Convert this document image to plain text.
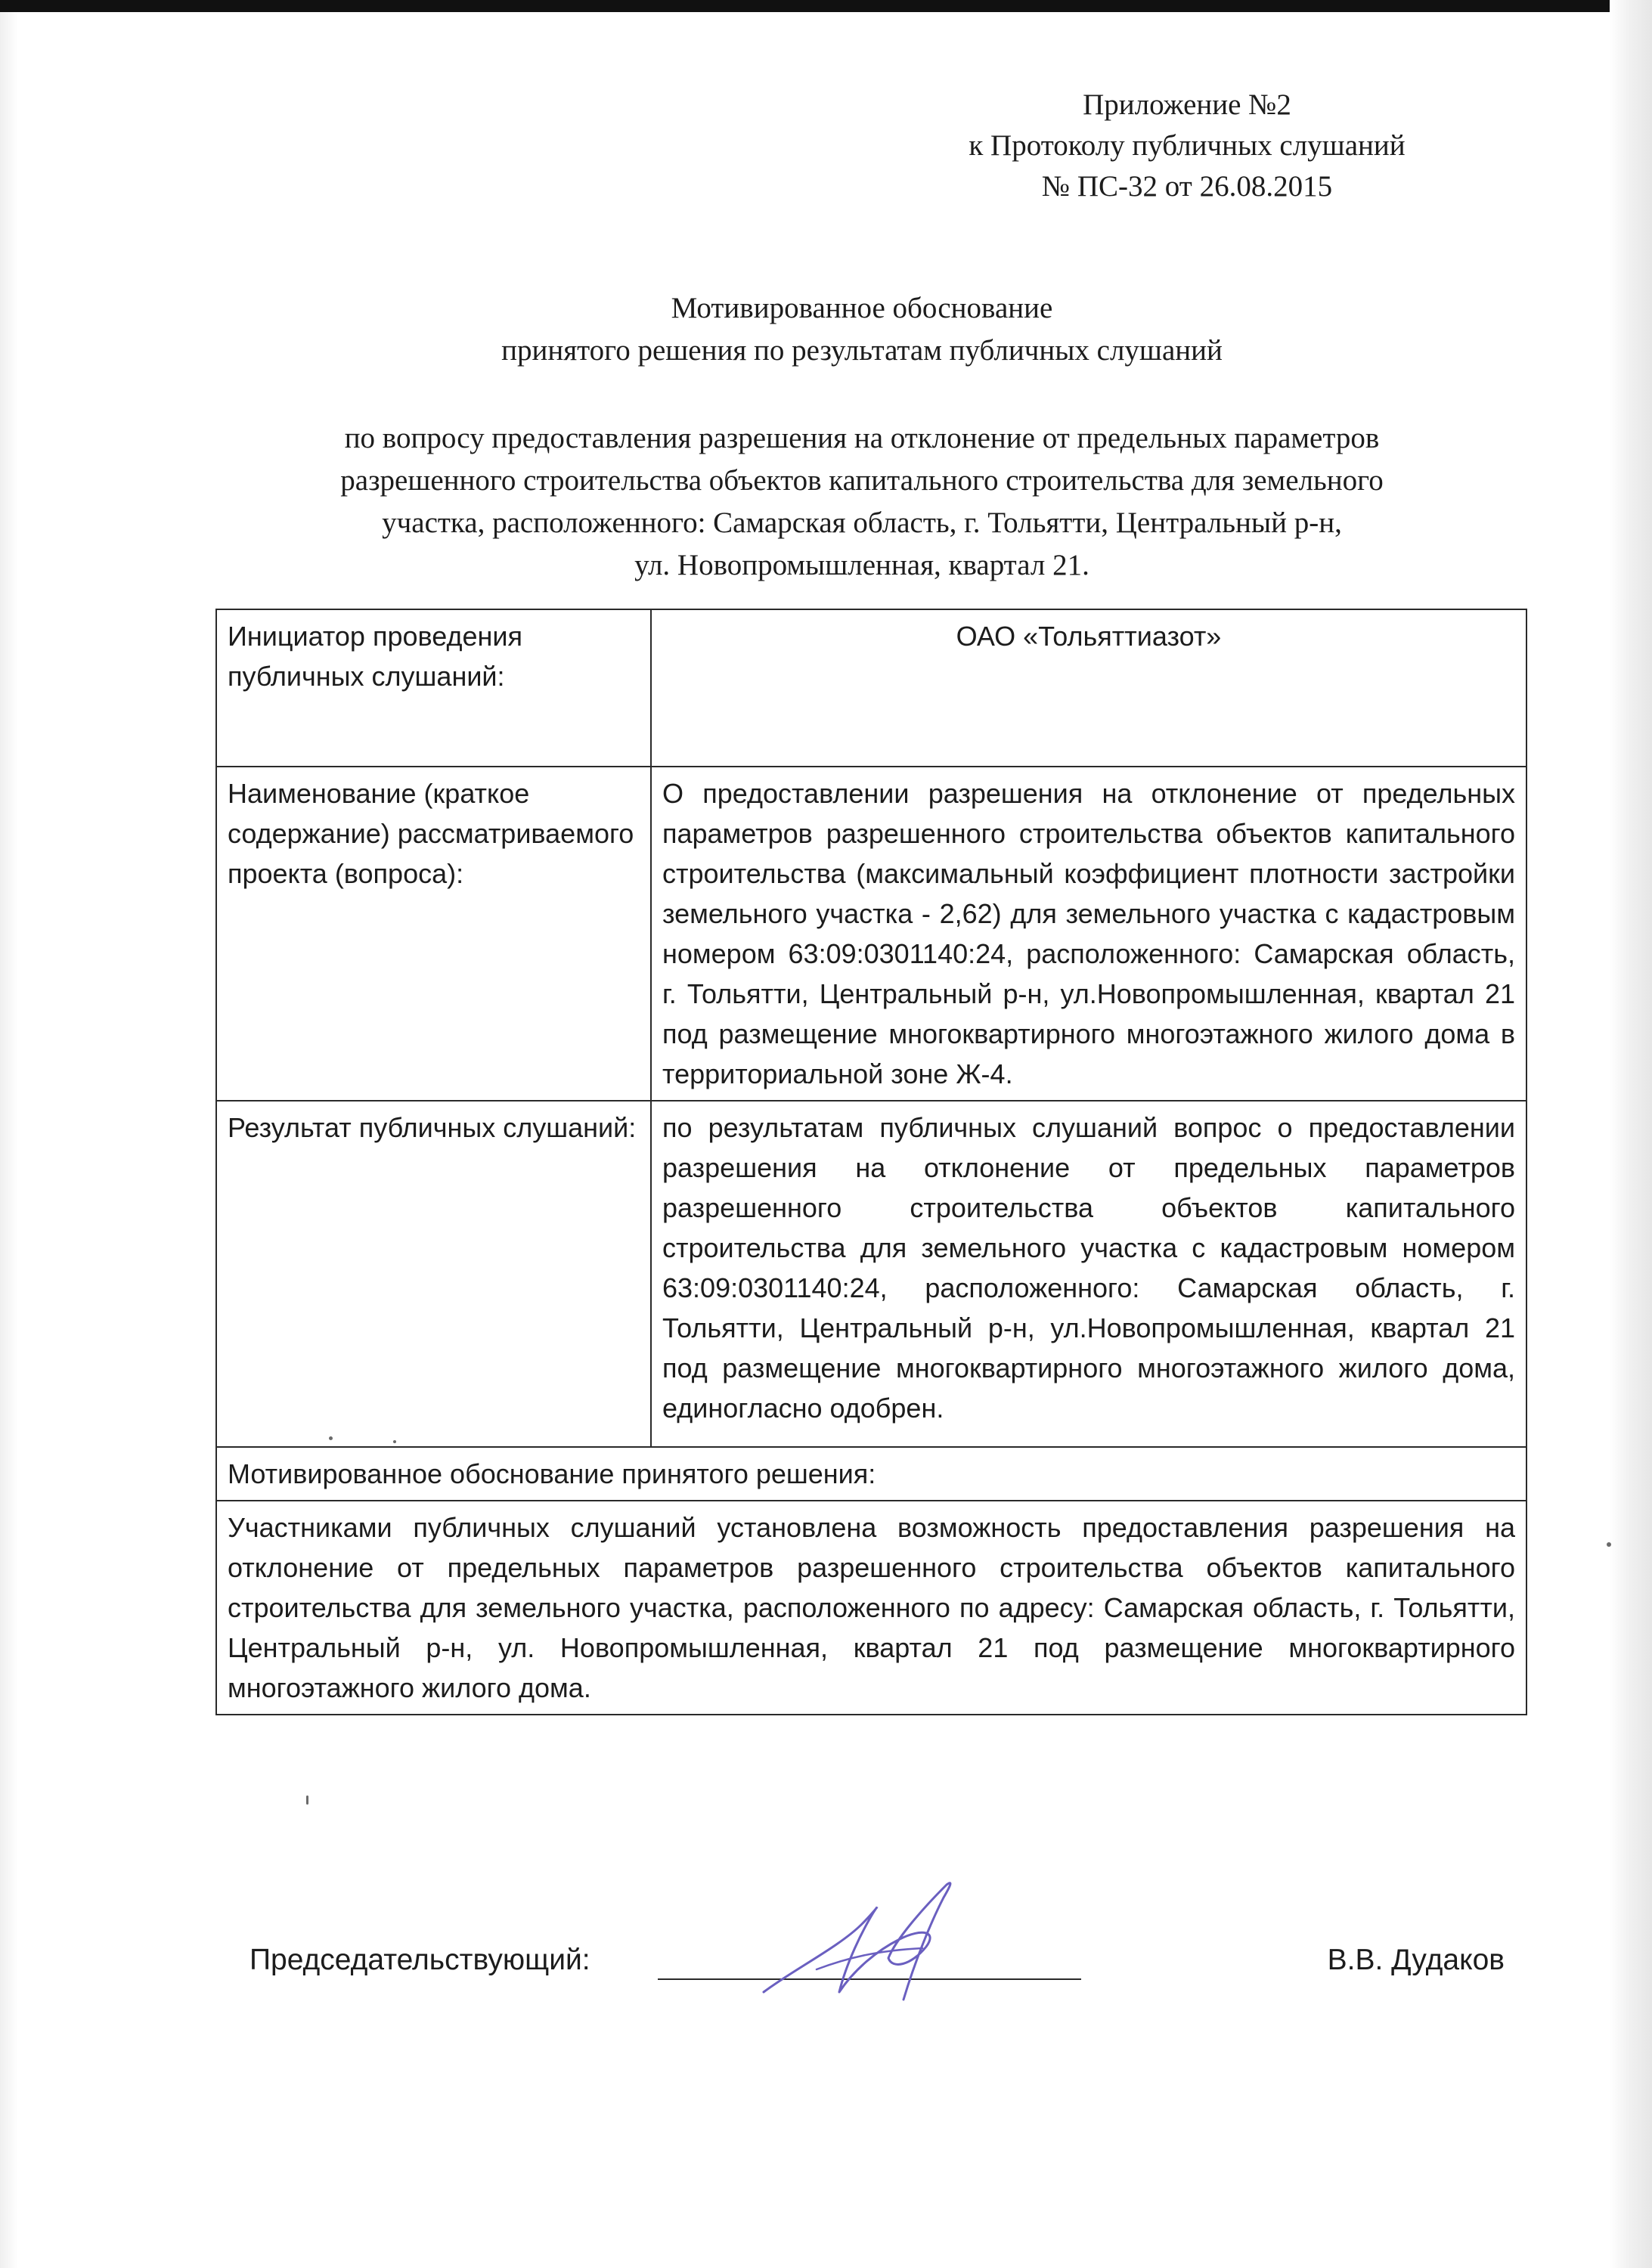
Приложение №2
к Протоколу публичных слушаний
№ ПС-32 от 26.08.2015
Мотивированное обоснование
принятого решения по результатам публичных слушаний
по вопросу предоставления разрешения на отклонение от предельных параметров
разрешенного строительства объектов капитального строительства для земельного
участка, расположенного: Самарская область, г. Тольятти, Центральный р-н,
ул. Новопромышленная, квартал 21.
Инициатор проведения публичных слушаний:	ОАО «Тольяттиазот»
Наименование (краткое содержание) рассматриваемого проекта (вопроса):	О предоставлении разрешения на отклонение от предельных параметров разрешенного строительства объектов капитального строительства (максимальный коэффициент плотности застройки земельного участка - 2,62) для земельного участка с кадастровым номером 63:09:0301140:24, расположенного: Самарская область, г. Тольятти, Центральный р-н, ул.Новопромышленная, квартал 21 под размещение многоквартирного многоэтажного жилого дома в территориальной зоне Ж-4.
Результат публичных слушаний:	по результатам публичных слушаний вопрос о предоставлении разрешения на отклонение от предельных параметров разрешенного строительства объектов капитального строительства для земельного участка с кадастровым номером 63:09:0301140:24, расположенного: Самарская область, г. Тольятти, Центральный р-н, ул.Новопромышленная, квартал 21 под размещение многоквартирного многоэтажного жилого дома, единогласно одобрен.
Мотивированное обоснование принятого решения:	
Участниками публичных слушаний установлена возможность предоставления разрешения на отклонение от предельных параметров разрешенного строительства объектов капитального строительства для земельного участка, расположенного по адресу: Самарская область, г. Тольятти, Центральный р-н, ул. Новопромышленная, квартал 21 под размещение многоквартирного многоэтажного жилого дома.	
Председательствующий:	В.В. Дудаков
